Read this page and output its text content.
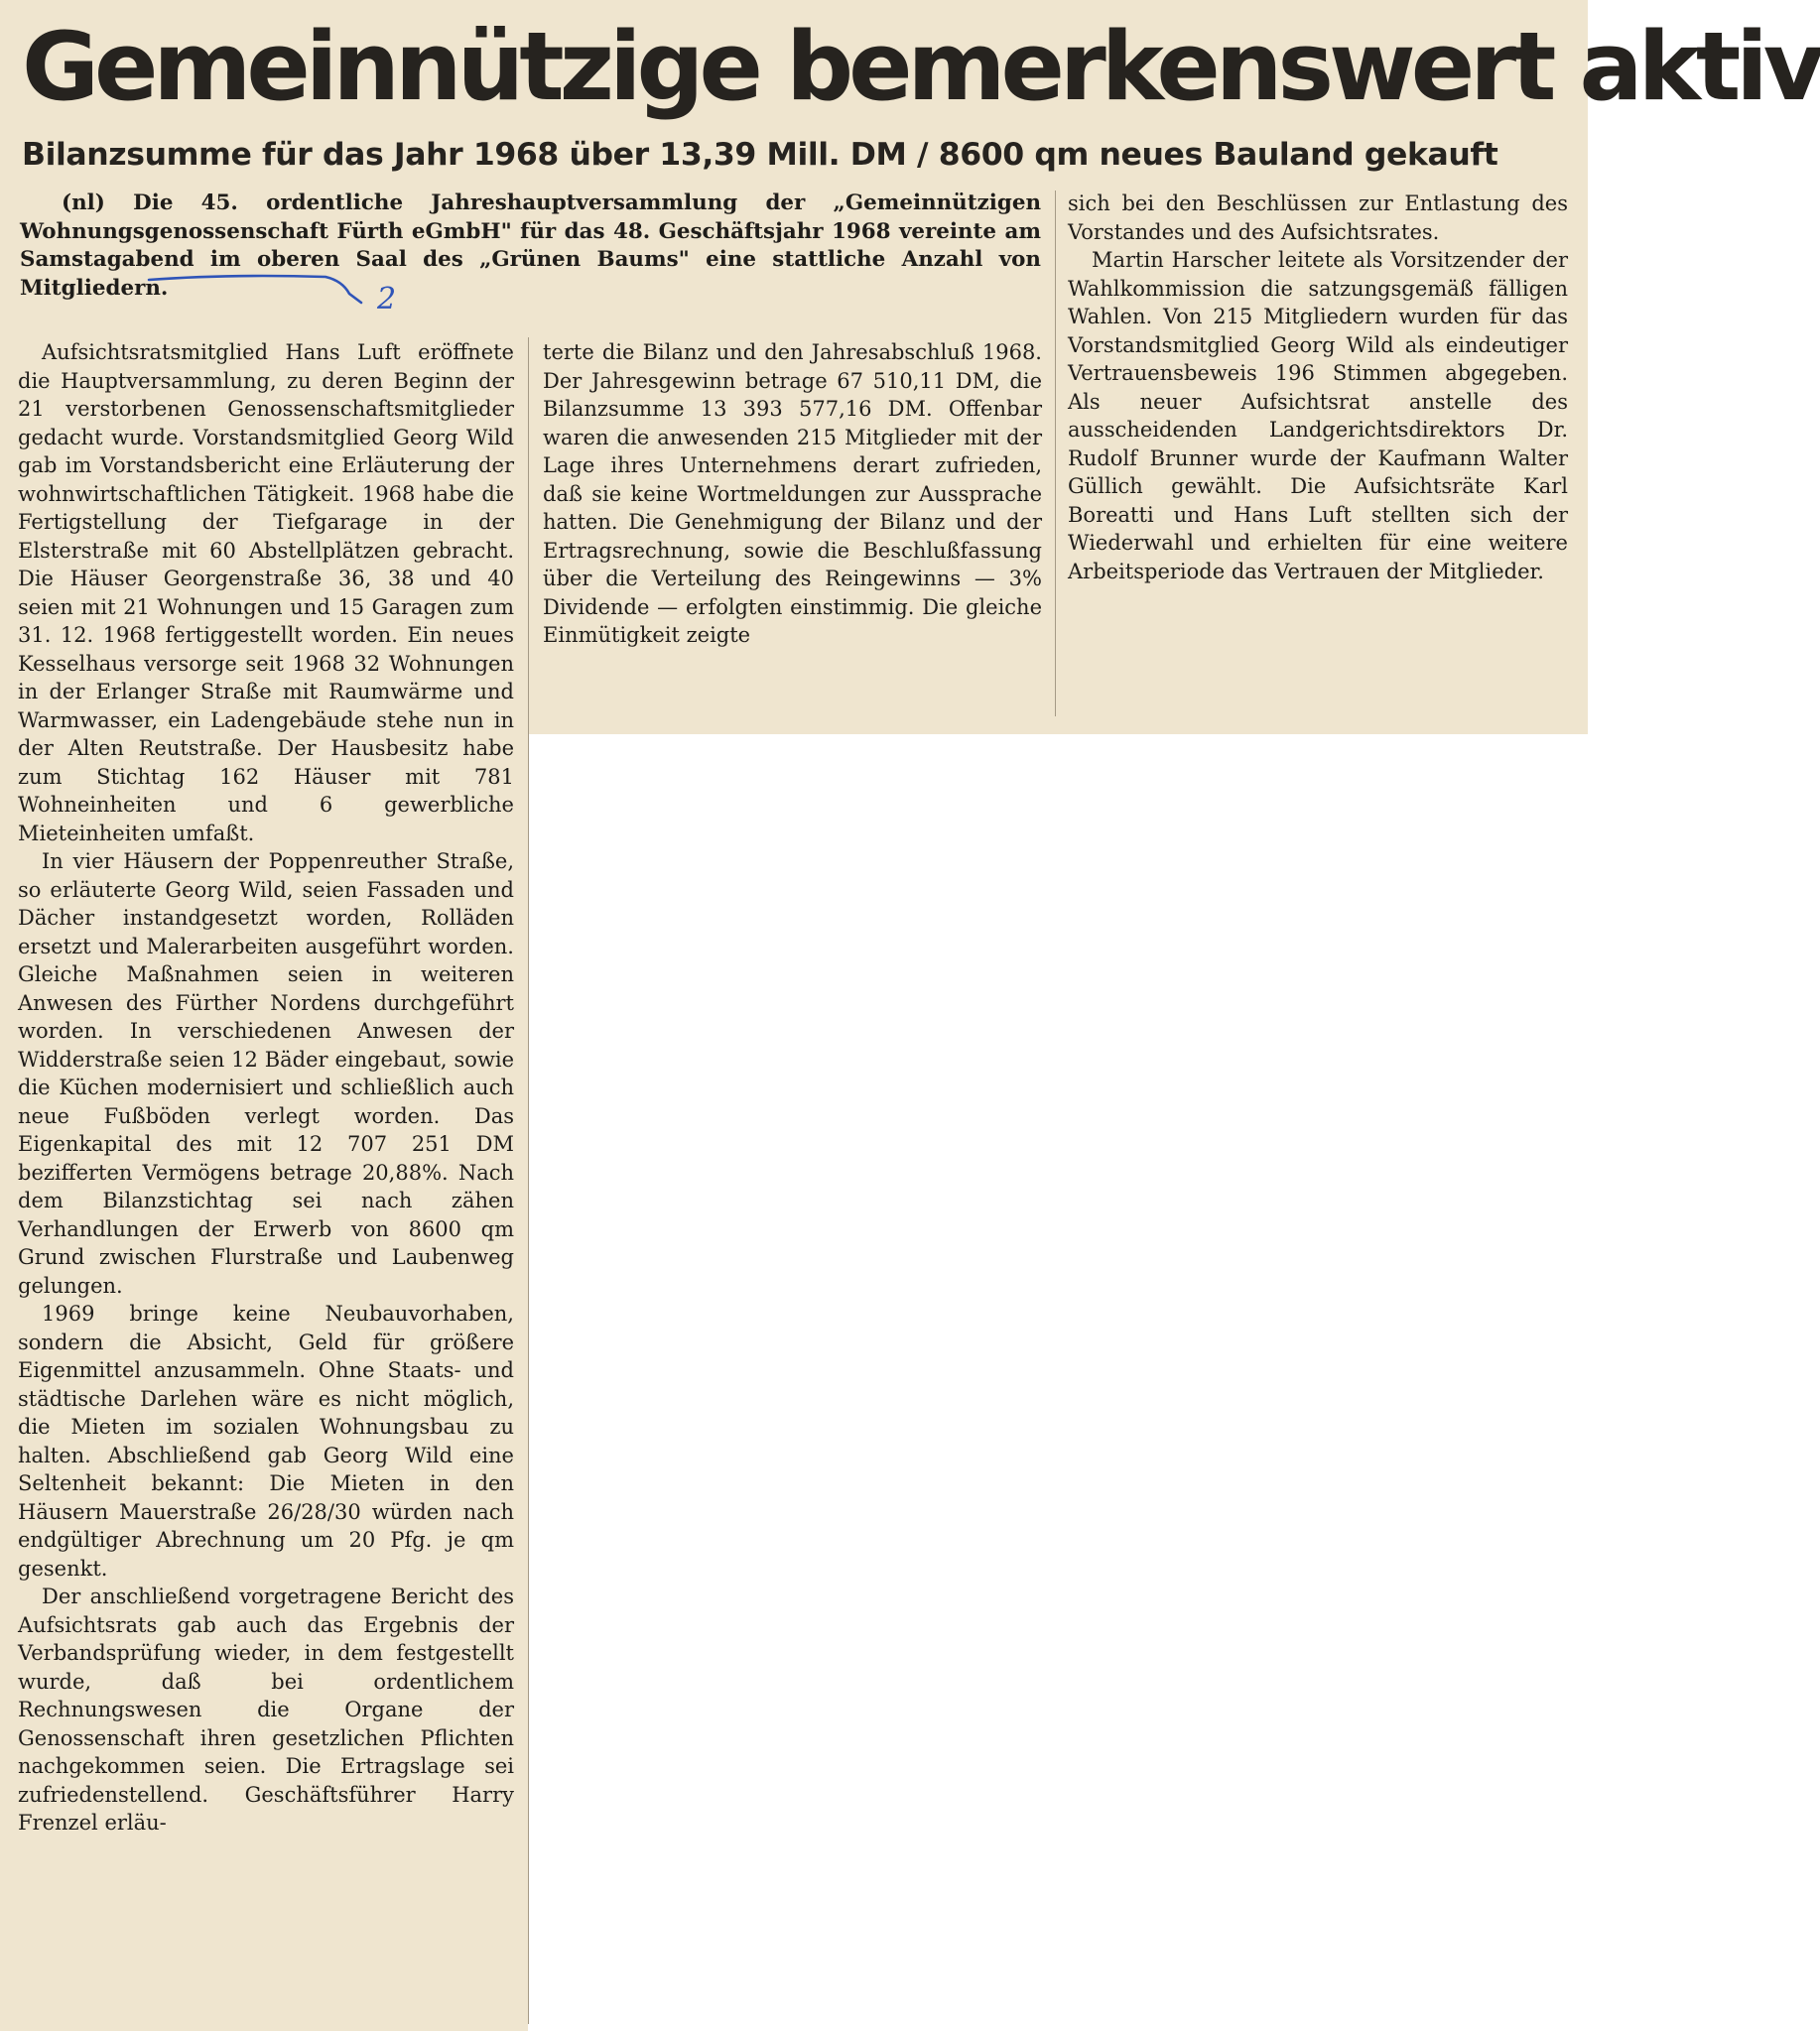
Gemeinnützige bemerkenswert aktiv
Bilanzsumme für das Jahr 1968 über 13,39 Mill. DM / 8600 qm neues Bauland gekauft

(nl) Die 45. ordentliche Jahreshauptversammlung der „Gemeinnützigen Wohnungsgenossenschaft Fürth eGmbH" für das 48. Geschäftsjahr 1968 vereinte am Samstagabend im oberen Saal des „Grünen Baums" eine stattliche Anzahl von Mitgliedern.

Aufsichtsratsmitglied Hans Luft eröffnete die Hauptversammlung, zu deren Beginn der 21 verstorbenen Genossenschaftsmitglieder gedacht wurde. Vorstandsmitglied Georg Wild gab im Vorstandsbericht eine Erläuterung der wohnwirtschaftlichen Tätigkeit. 1968 habe die Fertigstellung der Tiefgarage in der Elsterstraße mit 60 Abstellplätzen gebracht. Die Häuser Georgenstraße 36, 38 und 40 seien mit 21 Wohnungen und 15 Garagen zum 31. 12. 1968 fertiggestellt worden. Ein neues Kesselhaus versorge seit 1968 32 Wohnungen in der Erlanger Straße mit Raumwärme und Warmwasser, ein Ladengebäude stehe nun in der Alten Reutstraße. Der Hausbesitz habe zum Stichtag 162 Häuser mit 781 Wohneinheiten und 6 gewerbliche Mieteinheiten umfaßt.

In vier Häusern der Poppenreuther Straße, so erläuterte Georg Wild, seien Fassaden und Dächer instandgesetzt worden, Rolläden ersetzt und Malerarbeiten ausgeführt worden. Gleiche Maßnahmen seien in weiteren Anwesen des Fürther Nordens durchgeführt worden. In verschiedenen Anwesen der Widderstraße seien 12 Bäder eingebaut, sowie die Küchen modernisiert und schließlich auch neue Fußböden verlegt worden. Das Eigenkapital des mit 12 707 251 DM bezifferten Vermögens betrage 20,88%. Nach dem Bilanzstichtag sei nach zähen Verhandlungen der Erwerb von 8600 qm Grund zwischen Flurstraße und Laubenweg gelungen.

1969 bringe keine Neubauvorhaben, sondern die Absicht, Geld für größere Eigenmittel anzusammeln. Ohne Staats- und städtische Darlehen wäre es nicht möglich, die Mieten im sozialen Wohnungsbau zu halten. Abschließend gab Georg Wild eine Seltenheit bekannt: Die Mieten in den Häusern Mauerstraße 26/28/30 würden nach endgültiger Abrechnung um 20 Pfg. je qm gesenkt.

Der anschließend vorgetragene Bericht des Aufsichtsrats gab auch das Ergebnis der Verbandsprüfung wieder, in dem festgestellt wurde, daß bei ordentlichem Rechnungswesen die Organe der Genossenschaft ihren gesetzlichen Pflichten nachgekommen seien. Die Ertragslage sei zufriedenstellend. Geschäftsführer Harry Frenzel erläu-

terte die Bilanz und den Jahresabschluß 1968. Der Jahresgewinn betrage 67 510,11 DM, die Bilanzsumme 13 393 577,16 DM. Offenbar waren die anwesenden 215 Mitglieder mit der Lage ihres Unternehmens derart zufrieden, daß sie keine Wortmeldungen zur Aussprache hatten. Die Genehmigung der Bilanz und der Ertragsrechnung, sowie die Beschlußfassung über die Verteilung des Reingewinns — 3% Dividende — erfolgten einstimmig. Die gleiche Einmütigkeit zeigte

sich bei den Beschlüssen zur Entlastung des Vorstandes und des Aufsichtsrates.

Martin Harscher leitete als Vorsitzender der Wahlkommission die satzungsgemäß fälligen Wahlen. Von 215 Mitgliedern wurden für das Vorstandsmitglied Georg Wild als eindeutiger Vertrauensbeweis 196 Stimmen abgegeben. Als neuer Aufsichtsrat anstelle des ausscheidenden Landgerichtsdirektors Dr. Rudolf Brunner wurde der Kaufmann Walter Güllich gewählt. Die Aufsichtsräte Karl Boreatti und Hans Luft stellten sich der Wiederwahl und erhielten für eine weitere Arbeitsperiode das Vertrauen der Mitglieder.

2
